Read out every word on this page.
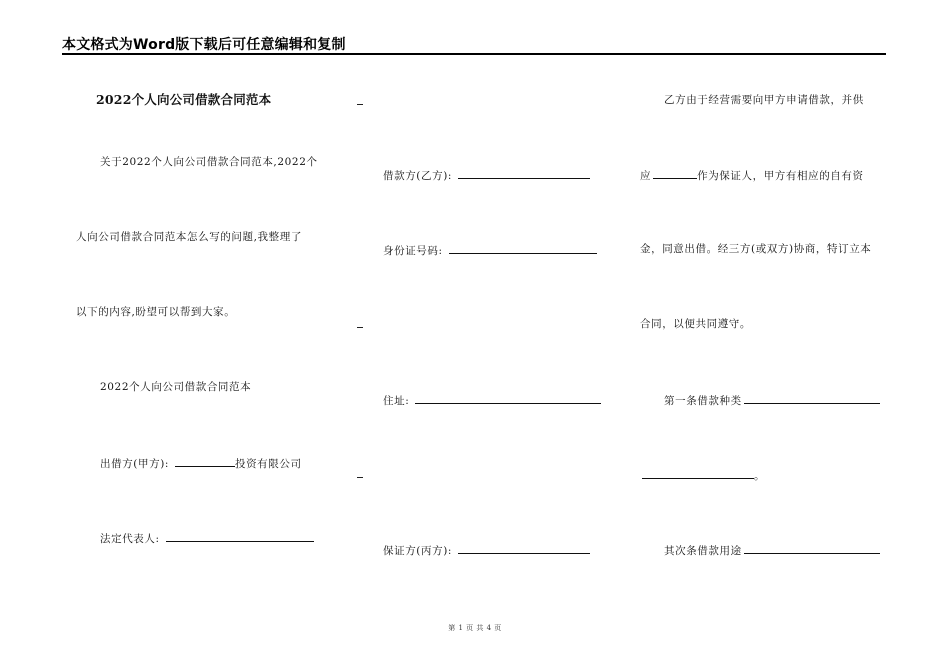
本文格式为Word版下载后可任意编辑和复制
2022个人向公司借款合同范本
关于2022个人向公司借款合同范本,2022个
人向公司借款合同范本怎么写的问题,我整理了
以下的内容,盼望可以帮到大家。
2022个人向公司借款合同范本
出借方(甲方):	投资有限公司
法定代表人:
借款方(乙方):
身份证号码:
住址:
保证方(丙方):
乙方由于经营需要向甲方申请借款，并供
应	作为保证人，甲方有相应的自有资
金，同意出借。经三方(或双方)协商，特订立本
合同，以便共同遵守。
第一条借款种类
。
其次条借款用途
第 1 页 共 4 页
